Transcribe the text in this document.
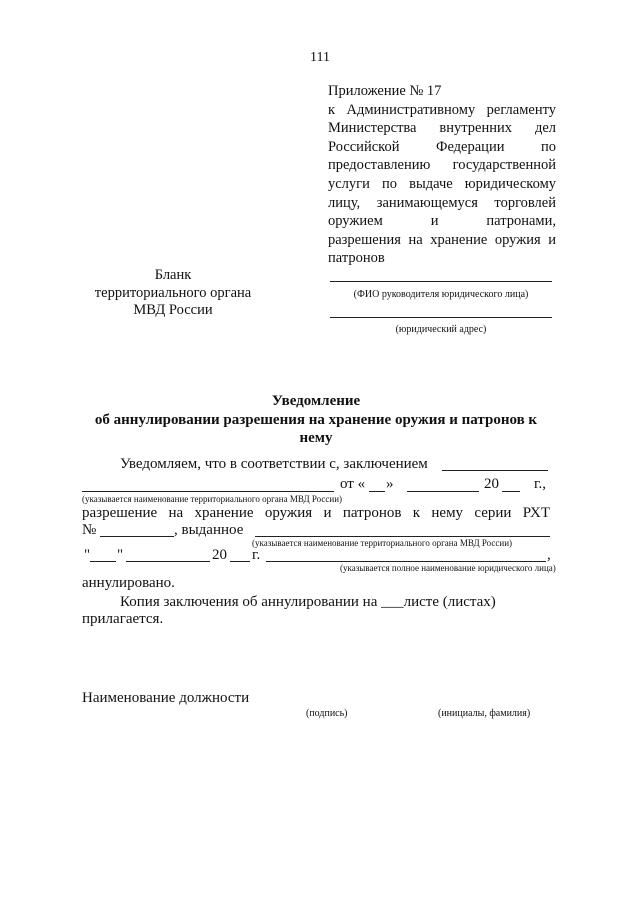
111
Приложение № 17
к Административному регламенту
Министерства внутренних дел
Российской Федерации по
предоставлению государственной
услуги по выдаче юридическому
лицу, занимающемуся торговлей
оружием и патронами,
разрешения на хранение оружия и
патронов
Бланк
территориального органа
МВД России
(ФИО руководителя юридического лица)
(юридический адрес)
Уведомление
об аннулировании разрешения на хранение оружия и патронов к
нему
Уведомляем, что в соответствии с, заключением
от « »	20 г.,
(указывается наименование территориального органа МВД России)
разрешение на хранение оружия и патронов к нему серии РХТ
№	, выданное
(указывается наименование территориального органа МВД России)
" "	20 г.	,
(указывается полное наименование юридического лица)
аннулировано.
Копия заключения об аннулировании на ___листе (листах)
прилагается.
Наименование должности
(подпись)	(инициалы, фамилия)
